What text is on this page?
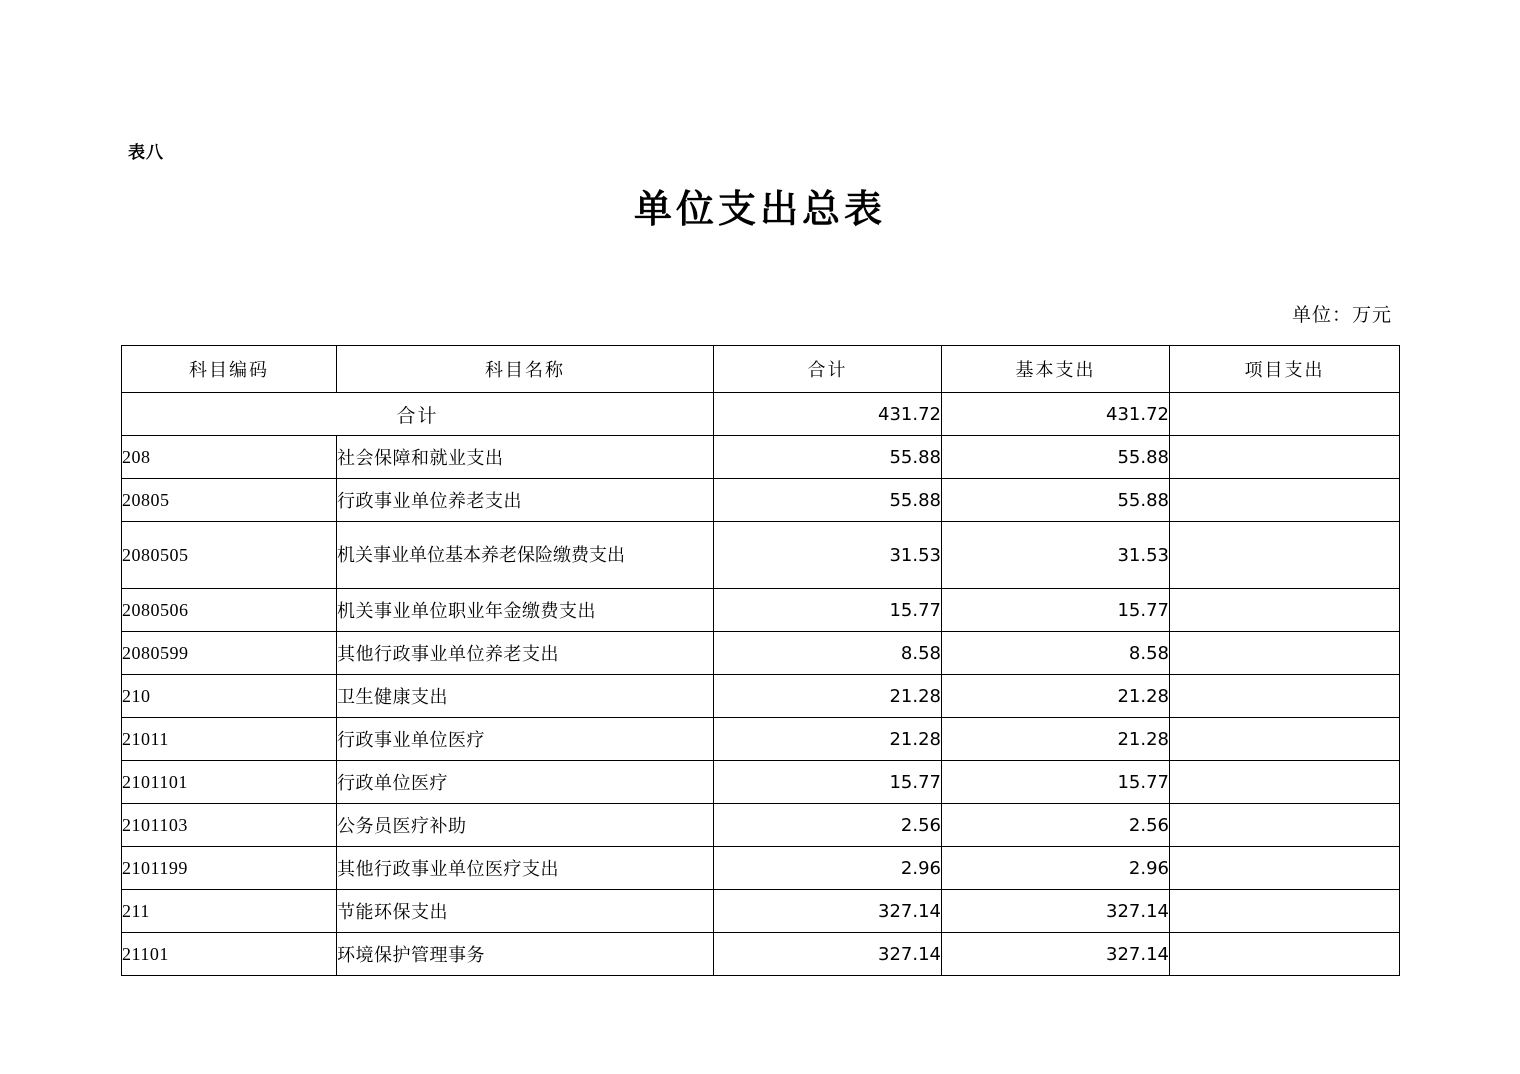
表八
单位支出总表
单位：万元
科目编码	科目名称	合计	基本支出	项目支出
合计		431.72	431.72	
208	社会保障和就业支出	55.88	55.88	
20805	行政事业单位养老支出	55.88	55.88	
2080505	机关事业单位基本养老保险缴费支出	31.53	31.53	
2080506	机关事业单位职业年金缴费支出	15.77	15.77	
2080599	其他行政事业单位养老支出	8.58	8.58	
210	卫生健康支出	21.28	21.28	
21011	行政事业单位医疗	21.28	21.28	
2101101	行政单位医疗	15.77	15.77	
2101103	公务员医疗补助	2.56	2.56	
2101199	其他行政事业单位医疗支出	2.96	2.96	
211	节能环保支出	327.14	327.14	
21101	环境保护管理事务	327.14	327.14	
